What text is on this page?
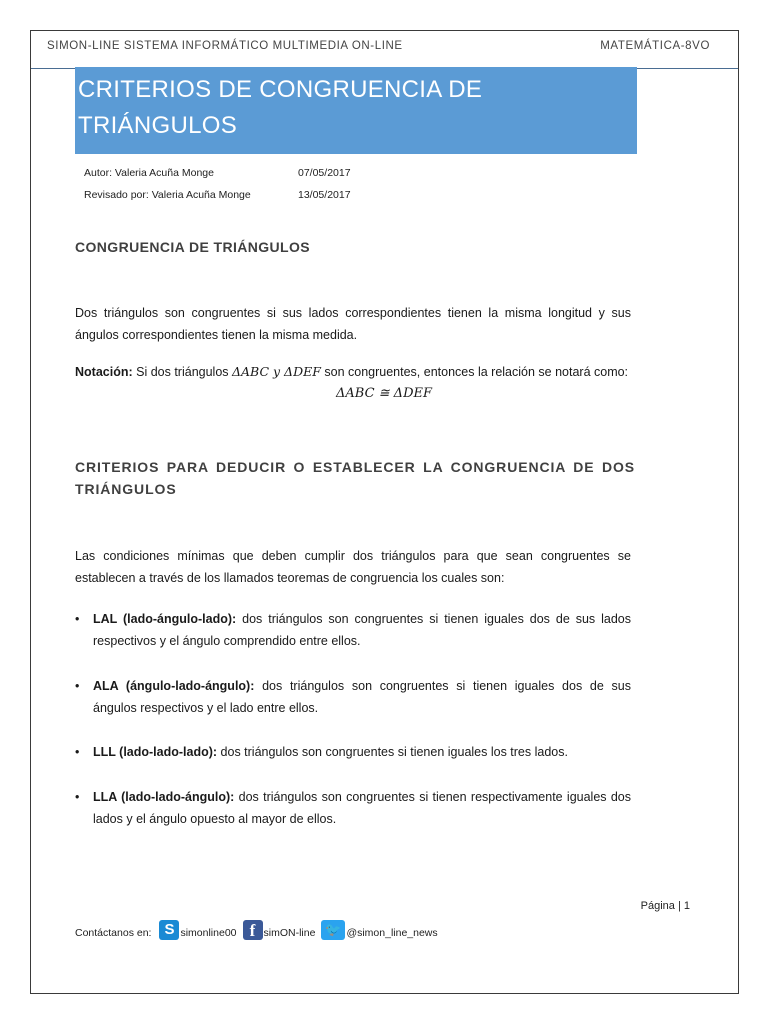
SIMON-LINE SISTEMA INFORMÁTICO MULTIMEDIA ON-LINE	MATEMÁTICA-8VO
CRITERIOS DE CONGRUENCIA DE
TRIÁNGULOS
Autor: Valeria Acuña Monge	07/05/2017
Revisado por: Valeria Acuña Monge	13/05/2017
CONGRUENCIA DE TRIÁNGULOS
Dos triángulos son congruentes si sus lados correspondientes tienen la misma longitud y sus ángulos correspondientes tienen la misma medida.
Notación: Si dos triángulos ΔABC y ΔDEF son congruentes, entonces la relación se notará como:
ΔABC ≅ ΔDEF
CRITERIOS PARA DEDUCIR O ESTABLECER LA CONGRUENCIA DE DOS TRIÁNGULOS
Las condiciones mínimas que deben cumplir dos triángulos para que sean congruentes se establecen a través de los llamados teoremas de congruencia los cuales son:
• LAL (lado-ángulo-lado): dos triángulos son congruentes si tienen iguales dos de sus lados respectivos y el ángulo comprendido entre ellos.
• ALA (ángulo-lado-ángulo): dos triángulos son congruentes si tienen iguales dos de sus ángulos respectivos y el lado entre ellos.
• LLL (lado-lado-lado): dos triángulos son congruentes si tienen iguales los tres lados.
• LLA (lado-lado-ángulo): dos triángulos son congruentes si tienen respectivamente iguales dos lados y el ángulo opuesto al mayor de ellos.
Página | 1
Contáctanos en: S simonline00 f simON-line 🐦 @simon_line_news
